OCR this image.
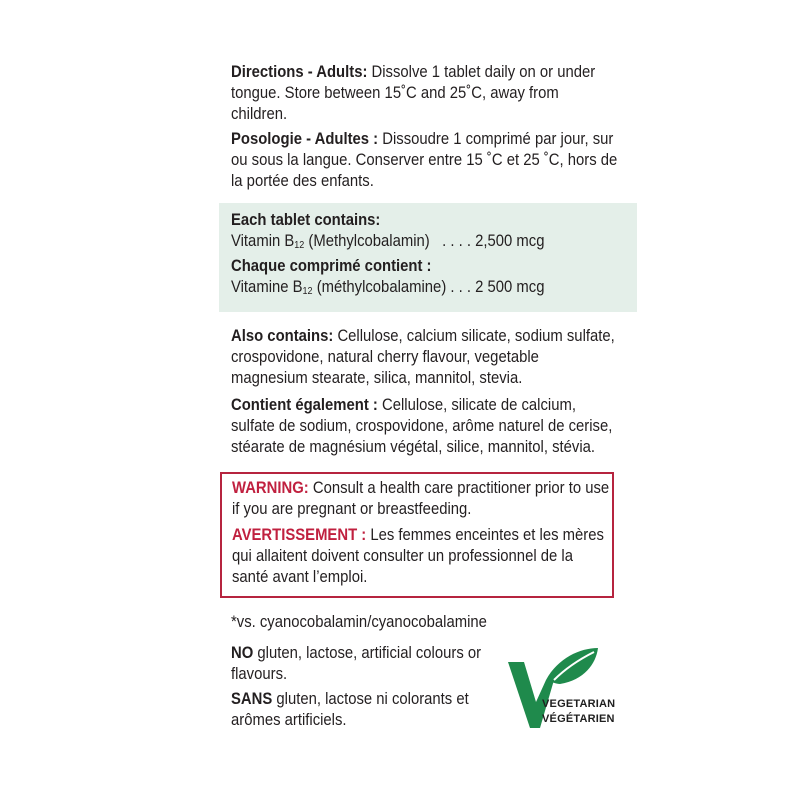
Directions - Adults: Dissolve 1 tablet daily on or under tongue. Store between 15˚C and 25˚C, away from children.

Posologie - Adultes : Dissoudre 1 comprimé par jour, sur ou sous la langue. Conserver entre 15 ˚C et 25 ˚C, hors de la portée des enfants.

Each tablet contains:
Vitamin $B_{12}$ (Methylcobalamin)   . . . . 2,500 mcg
Chaque comprimé contient :
Vitamine $B_{12}$ (méthylcobalamine) . . . 2 500 mcg

Also contains: Cellulose, calcium silicate, sodium sulfate, crospovidone, natural cherry flavour, vegetable magnesium stearate, silica, mannitol, stevia.

Contient également : Cellulose, silicate de calcium, sulfate de sodium, crospovidone, arôme naturel de cerise, stéarate de magnésium végétal, silice, mannitol, stévia.

WARNING: Consult a health care practitioner prior to use if you are pregnant or breastfeeding.

AVERTISSEMENT : Les femmes enceintes et les mères qui allaitent doivent consulter un professionnel de la santé avant l’emploi.

*vs. cyanocobalamin/cyanocobalamine

NO gluten, lactose, artificial colours or flavours.

SANS gluten, lactose ni colorants et arômes artificiels.

VEGETARIAN
VÉGÉTARIEN
